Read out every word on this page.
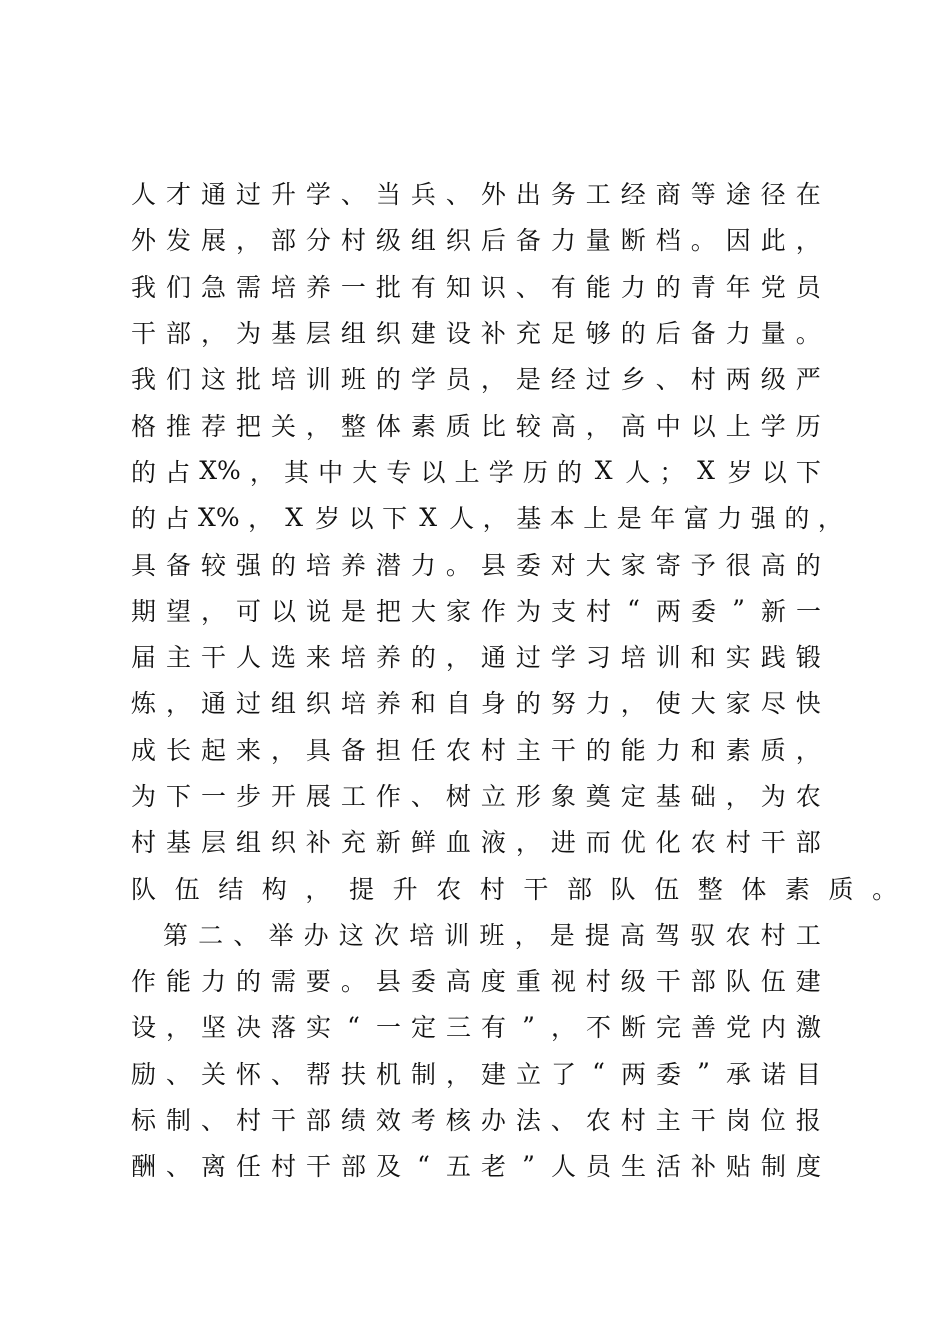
人 才 通 过 升 学 、 当 兵 、 外 出 务 工 经 商 等 途 径 在
外 发 展 ， 部 分 村 级 组 织 后 备 力 量 断 档 。 因 此 ，
我 们 急 需 培 养 一 批 有 知 识 、 有 能 力 的 青 年 党 员
干 部 ， 为 基 层 组 织 建 设 补 充 足 够 的 后 备 力 量 。
我 们 这 批 培 训 班 的 学 员 ， 是 经 过 乡 、 村 两 级 严
格 推 荐 把 关 ， 整 体 素 质 比 较 高 ， 高 中 以 上 学 历
的 占 X% ， 其 中 大 专 以 上 学 历 的 X 人 ； X 岁 以 下
的 占 X% ， X 岁 以 下 X 人 ， 基 本 上 是 年 富 力 强 的 ，
具 备 较 强 的 培 养 潜 力 。 县 委 对 大 家 寄 予 很 高 的
期 望 ， 可 以 说 是 把 大 家 作 为 支 村 “ 两 委 ” 新 一
届 主 干 人 选 来 培 养 的 ， 通 过 学 习 培 训 和 实 践 锻
炼 ， 通 过 组 织 培 养 和 自 身 的 努 力 ， 使 大 家 尽 快
成 长 起 来 ， 具 备 担 任 农 村 主 干 的 能 力 和 素 质 ，
为 下 一 步 开 展 工 作 、 树 立 形 象 奠 定 基 础 ， 为 农
村 基 层 组 织 补 充 新 鲜 血 液 ， 进 而 优 化 农 村 干 部
队 伍 结 构 ， 提 升 农 村 干 部 队 伍 整 体 素 质 。
第 二 、 举 办 这 次 培 训 班 ， 是 提 高 驾 驭 农 村 工
作 能 力 的 需 要 。 县 委 高 度 重 视 村 级 干 部 队 伍 建
设 ， 坚 决 落 实 “ 一 定 三 有 ” ， 不 断 完 善 党 内 激
励 、 关 怀 、 帮 扶 机 制 ， 建 立 了 “ 两 委 ” 承 诺 目
标 制 、 村 干 部 绩 效 考 核 办 法 、 农 村 主 干 岗 位 报
酬 、 离 任 村 干 部 及 “ 五 老 ” 人 员 生 活 补 贴 制 度
